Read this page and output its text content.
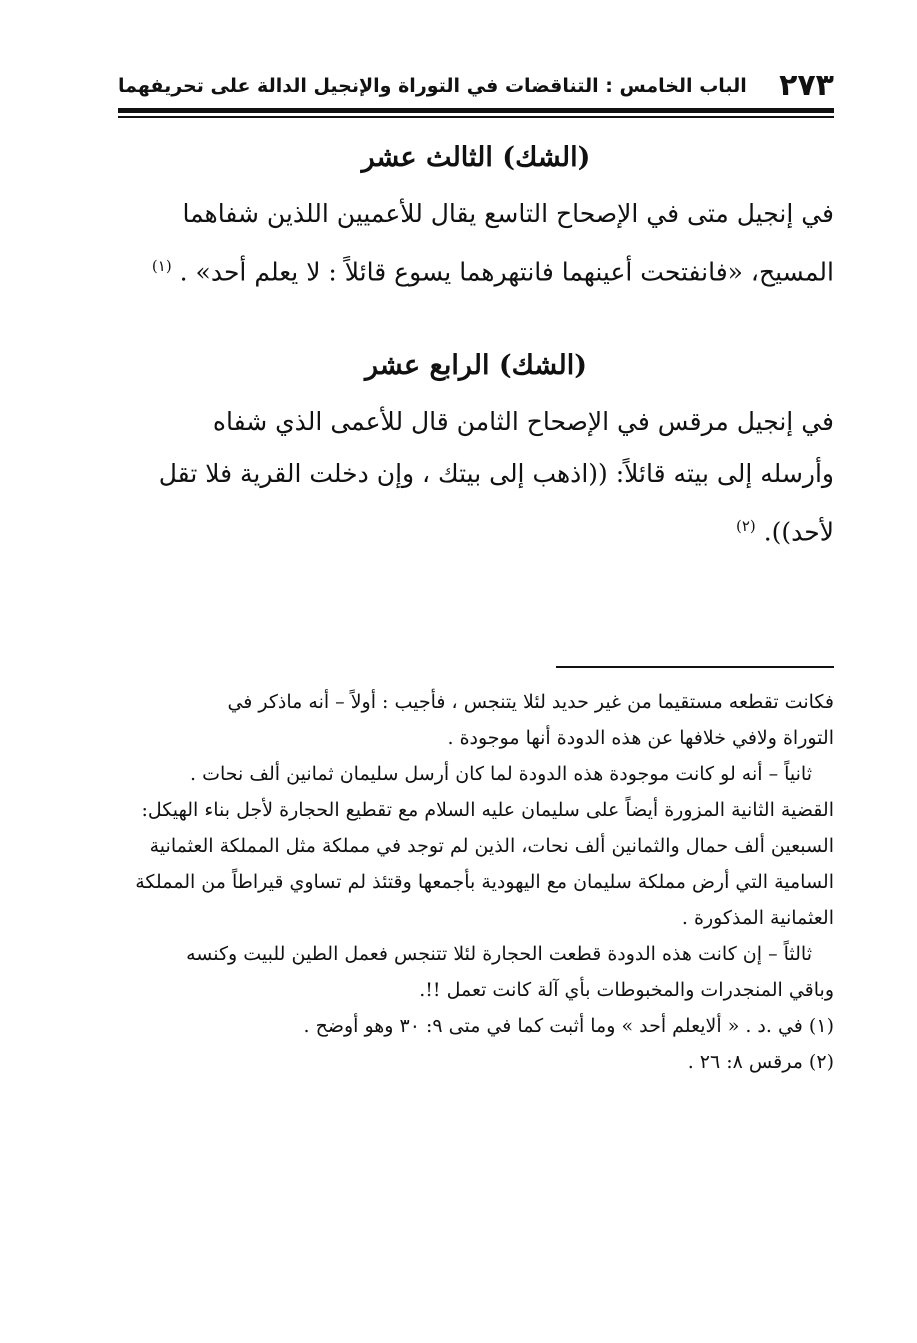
٢٧٣
الباب الخامس : التناقضات في التوراة والإنجيل الدالة على تحريفهما
(الشك) الثالث عشر
في إنجيل متى في الإصحاح التاسع يقال للأعميين اللذين شفاهما
المسيح، «فانفتحت أعينهما فانتهرهما يسوع قائلاً : لا يعلم أحد» . $^{(١)}$
(الشك) الرابع عشر
في إنجيل مرقس في الإصحاح الثامن قال للأعمى الذي شفاه
وأرسله إلى بيته قائلاً: ((اذهب إلى بيتك ، وإن دخلت القرية فلا تقل
لأحد)). $^{(٢)}$
فكانت تقطعه مستقيما من غير حديد لئلا يتنجس ، فأجيب : أولاً – أنه ماذكر في
التوراة ولافي خلافها عن هذه الدودة أنها موجودة .
ثانياً – أنه لو كانت موجودة هذه الدودة لما كان أرسل سليمان ثمانين ألف نحات .
القضية الثانية المزورة أيضاً على سليمان عليه السلام مع تقطيع الحجارة لأجل بناء الهيكل:
السبعين ألف حمال والثمانين ألف نحات، الذين لم توجد في مملكة مثل المملكة العثمانية
السامية التي أرض مملكة سليمان مع اليهودية بأجمعها وقتئذ لم تساوي قيراطاً من المملكة
العثمانية المذكورة .
ثالثاً – إن كانت هذه الدودة قطعت الحجارة لئلا تتنجس فعمل الطين للبيت وكنسه
وباقي المنجدرات والمخبوطات بأي آلة كانت تعمل !!.
(١) في .د . « ألايعلم أحد » وما أثبت كما في متى ٩: ٣٠ وهو أوضح .
(٢) مرقس ٨: ٢٦ .
